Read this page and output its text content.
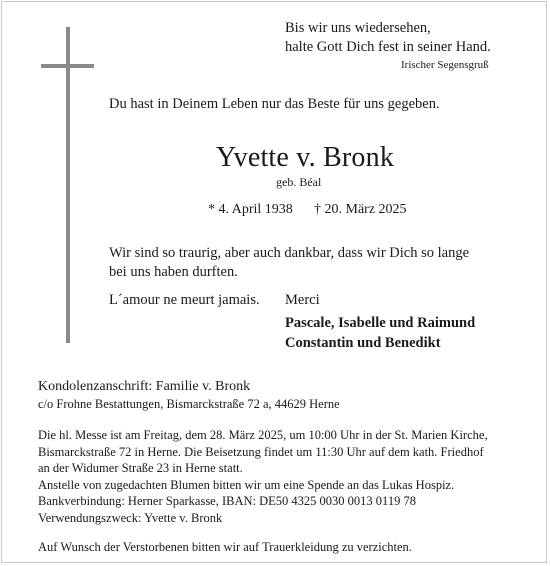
Bis wir uns wiedersehen,
halte Gott Dich fest in seiner Hand.
Irischer Segensgruß
Du hast in Deinem Leben nur das Beste für uns gegeben.
Yvette v. Bronk
geb. Béal
* 4. April 1938 † 20. März 2025
Wir sind so traurig, aber auch dankbar, dass wir Dich so lange
bei uns haben durften.
L´amour ne meurt jamais. Merci
Pascale, Isabelle und Raimund
Constantin und Benedikt
Kondolenzanschrift: Familie v. Bronk
c/o Frohne Bestattungen, Bismarckstraße 72 a, 44629 Herne
Die hl. Messe ist am Freitag, dem 28. März 2025, um 10:00 Uhr in der St. Marien Kirche,
Bismarckstraße 72 in Herne. Die Beisetzung findet um 11:30 Uhr auf dem kath. Friedhof
an der Widumer Straße 23 in Herne statt.
Anstelle von zugedachten Blumen bitten wir um eine Spende an das Lukas Hospiz.
Bankverbindung: Herner Sparkasse, IBAN: DE50 4325 0030 0013 0119 78
Verwendungszweck: Yvette v. Bronk
Auf Wunsch der Verstorbenen bitten wir auf Trauerkleidung zu verzichten.
